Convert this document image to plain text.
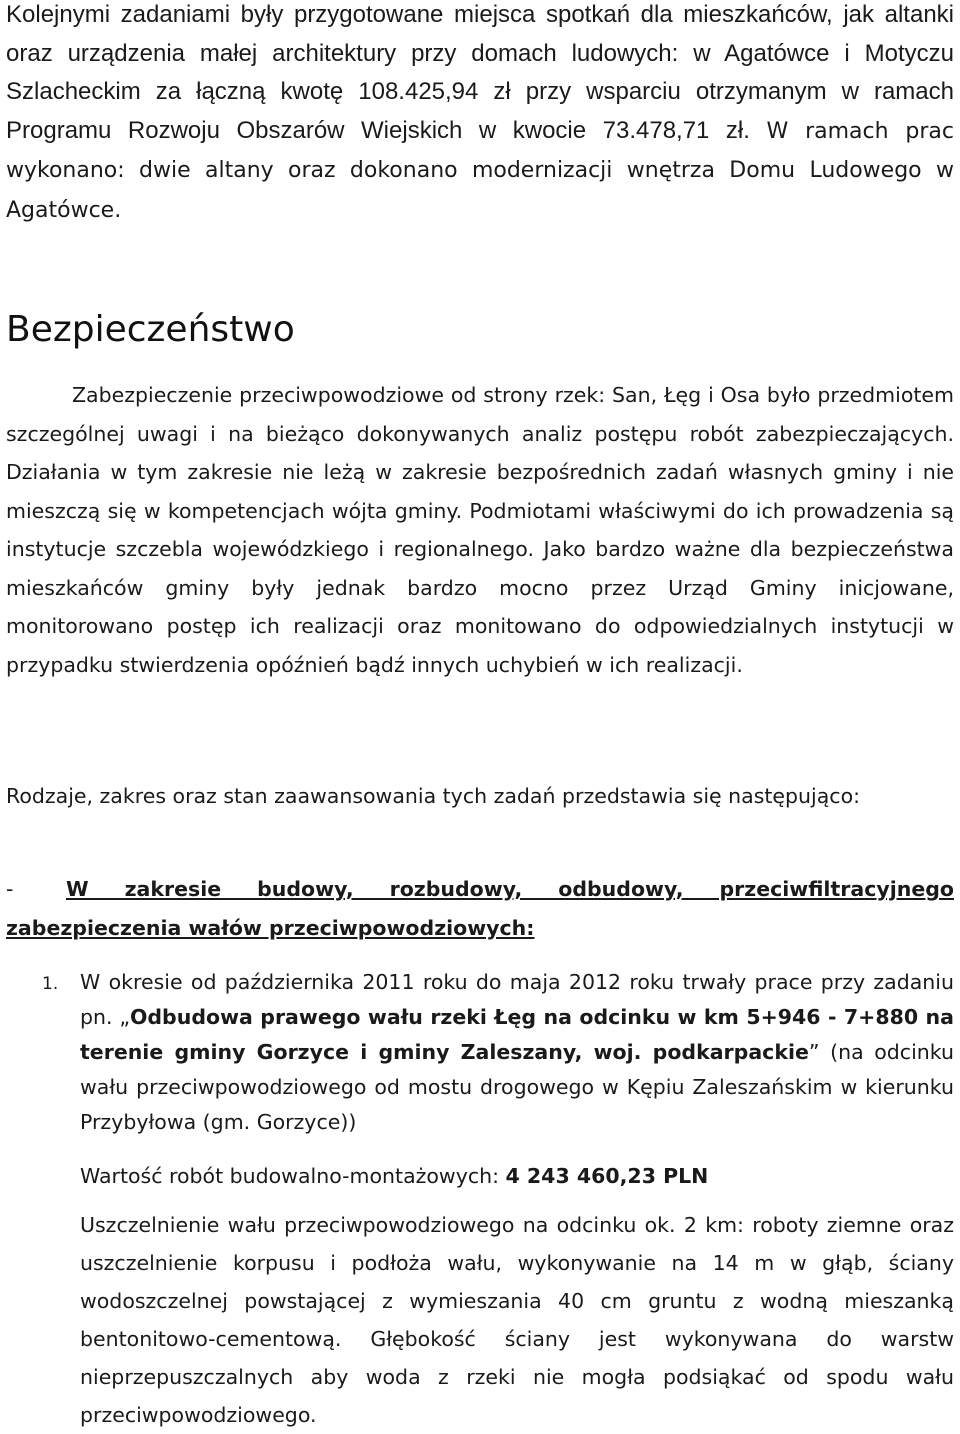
Kolejnymi zadaniami były przygotowane miejsca spotkań dla mieszkańców, jak altanki oraz urządzenia małej architektury przy domach ludowych: w Agatówce i Motyczu Szlacheckim za łączną kwotę 108.425,94 zł przy wsparciu otrzymanym w ramach Programu Rozwoju Obszarów Wiejskich w kwocie 73.478,71 zł. W ramach prac wykonano: dwie altany oraz dokonano modernizacji wnętrza Domu Ludowego w Agatówce.

Bezpieczeństwo

Zabezpieczenie przeciwpowodziowe od strony rzek: San, Łęg i Osa było przedmiotem szczególnej uwagi i na bieżąco dokonywanych analiz postępu robót zabezpieczających. Działania w tym zakresie nie leżą w zakresie bezpośrednich zadań własnych gminy i nie mieszczą się w kompetencjach wójta gminy. Podmiotami właściwymi do ich prowadzenia są instytucje szczebla wojewódzkiego i regionalnego. Jako bardzo ważne dla bezpieczeństwa mieszkańców gminy były jednak bardzo mocno przez Urząd Gminy inicjowane, monitorowano postęp ich realizacji oraz monitowano do odpowiedzialnych instytucji w przypadku stwierdzenia opóźnień bądź innych uchybień w ich realizacji.

Rodzaje, zakres oraz stan zaawansowania tych zadań przedstawia się następująco:

-	W zakresie budowy, rozbudowy, odbudowy, przeciwfiltracyjnego zabezpieczenia wałów przeciwpowodziowych:
1. W okresie od października 2011 roku do maja 2012 roku trwały prace przy zadaniu pn. „Odbudowa prawego wału rzeki Łęg na odcinku w km 5+946 - 7+880 na terenie gminy Gorzyce i gminy Zaleszany, woj. podkarpackie” (na odcinku wału przeciwpowodziowego od mostu drogowego w Kępiu Zaleszańskim w kierunku Przybyłowa (gm. Gorzyce))
Wartość robót budowalno-montażowych: 4 243 460,23 PLN
Uszczelnienie wału przeciwpowodziowego na odcinku ok. 2 km: roboty ziemne oraz uszczelnienie korpusu i podłoża wału, wykonywanie na 14 m w głąb, ściany wodoszczelnej powstającej z wymieszania 40 cm gruntu z wodną mieszanką bentonitowo-cementową. Głębokość ściany jest wykonywana do warstw nieprzepuszczalnych aby woda z rzeki nie mogła podsiąkać od spodu wału przeciwpowodziowego.
